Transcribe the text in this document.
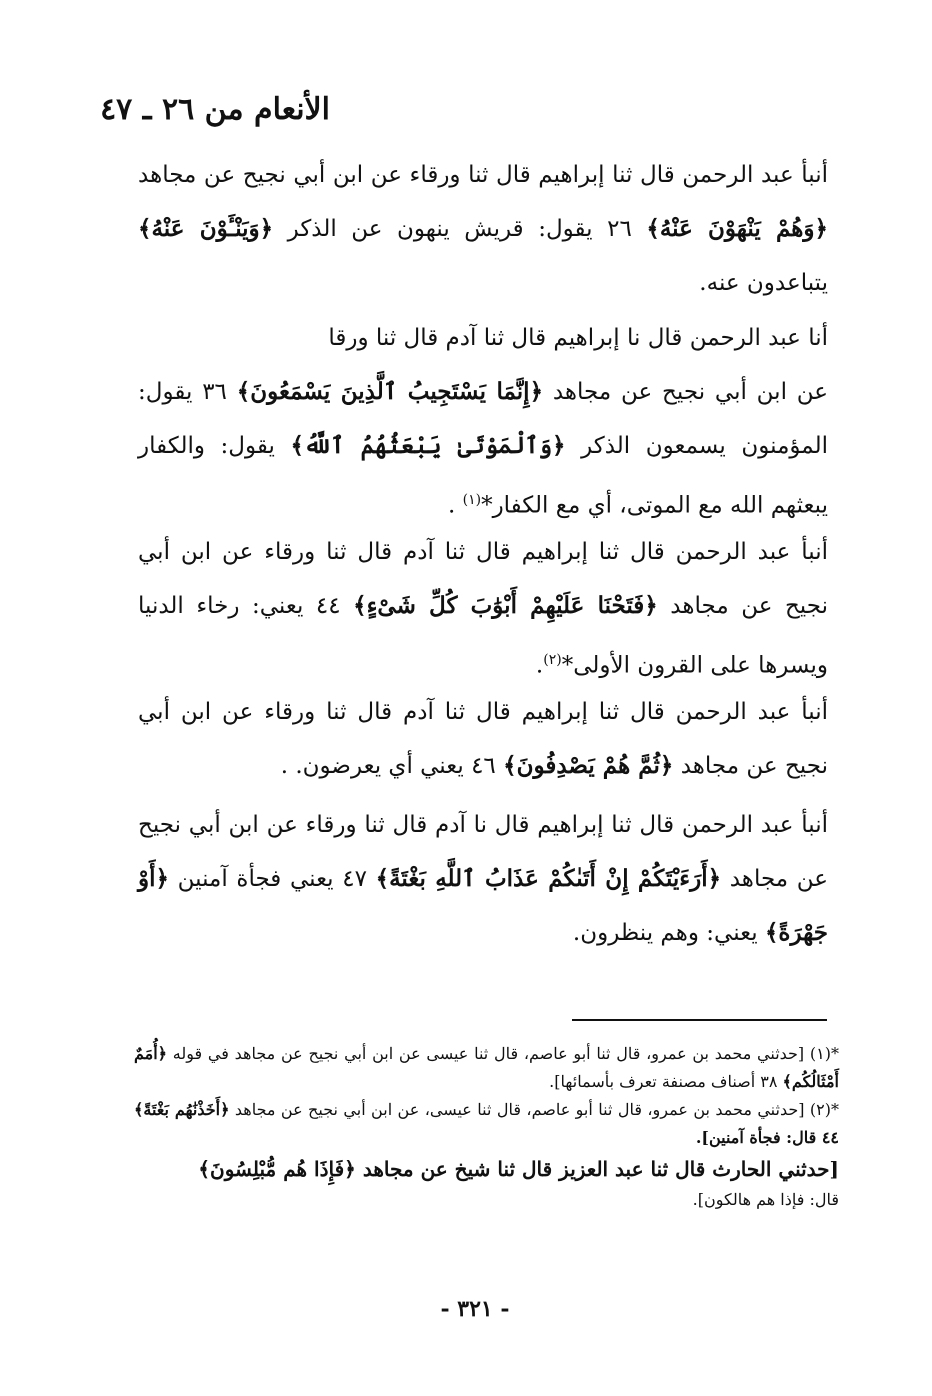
الأنعام من ٢٦ ـ ٤٧

أنبأ عبد الرحمن قال ثنا إبراهيم قال ثنا ورقاء عن ابن أبي نجيح عن مجاهد ﴿وَهُمْ يَنْهَوْنَ عَنْهُ﴾ ٢٦ يقول: قريش ينهون عن الذكر ﴿وَيَنْـَٔوْنَ عَنْهُ﴾ يتباعدون عنه.

أنا عبد الرحمن قال نا إبراهيم قال ثنا آدم قال ثنا ورقا
عن ابن أبي نجيح عن مجاهد ﴿إِنَّمَا يَسْتَجِيبُ ٱلَّذِينَ يَسْمَعُونَ﴾ ٣٦ يقول: المؤمنون يسمعون الذكر ﴿وَٱلْمَوْتَىٰ يَبْعَثُهُمُ ٱللَّهُ﴾ يقول: والكفار يبعثهم الله مع الموتى، أي مع الكفار*$^{(١)}$ .

أنبأ عبد الرحمن قال ثنا إبراهيم قال ثنا آدم قال ثنا ورقاء عن ابن أبي نجيح عن مجاهد ﴿فَتَحْنَا عَلَيْهِمْ أَبْوَٰبَ كُلِّ شَىْءٍ﴾ ٤٤ يعني: رخاء الدنيا ويسرها على القرون الأولى*$^{(٢)}$.

أنبأ عبد الرحمن قال ثنا إبراهيم قال ثنا آدم قال ثنا ورقاء عن ابن أبي نجيح عن مجاهد ﴿ثُمَّ هُمْ يَصْدِفُونَ﴾ ٤٦ يعني أي يعرضون. .

أنبأ عبد الرحمن قال ثنا إبراهيم قال نا آدم قال ثنا ورقاء عن ابن أبي نجيح عن مجاهد ﴿أَرَءَيْتَكُمْ إِنْ أَتَىٰكُمْ عَذَابُ ٱللَّهِ بَغْتَةً﴾ ٤٧ يعني فجأة آمنين ﴿أَوْ جَهْرَةً﴾ يعني: وهم ينظرون.

*(١) [حدثني محمد بن عمرو، قال ثنا أبو عاصم، قال ثنا عيسى عن ابن أبي نجيح عن مجاهد في قوله ﴿أُمَمٌ أَمْثَالُكُم﴾ ٣٨ أصناف مصنفة تعرف بأسمائها].

*(٢) [حدثني محمد بن عمرو، قال ثنا أبو عاصم، قال ثنا عيسى، عن ابن أبي نجيح عن مجاهد ﴿أَخَذْنَٰهُم بَغْتَةً﴾ ٤٤ قال: فجأة آمنين].

[حدثني الحارث قال ثنا عبد العزيز قال ثنا شيخ عن مجاهد ﴿فَإِذَا هُم مُّبْلِسُونَ﴾

قال: فإذا هم هالكون].

- ٣٢١ -
